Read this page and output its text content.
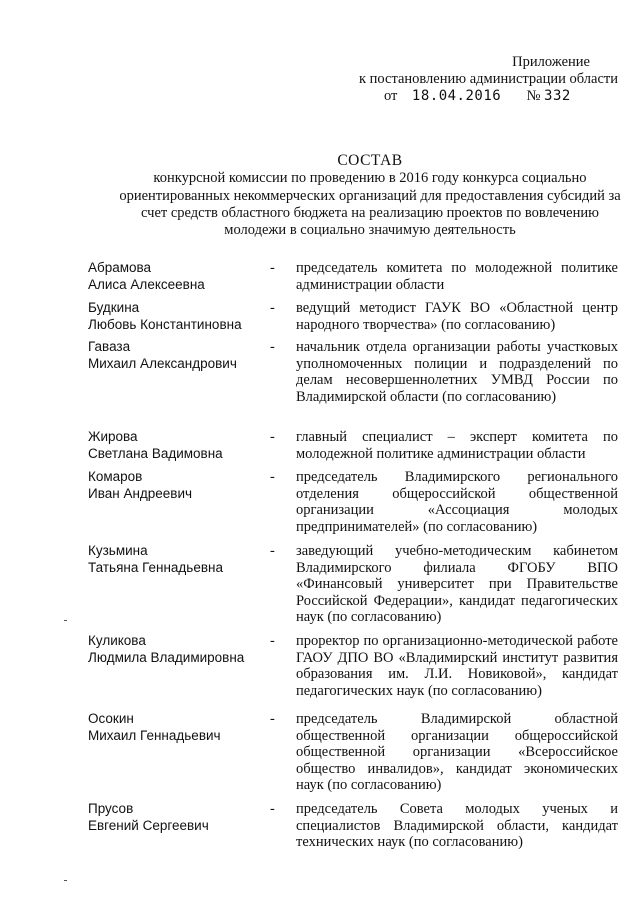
Приложение
к постановлению администрации области
от 18.04.2016 № 332
СОСТАВ
конкурсной комиссии по проведению в 2016 году конкурса социально ориентированных некоммерческих организаций для предоставления субсидий за счет средств областного бюджета на реализацию проектов по вовлечению молодежи в социально значимую деятельность
Абрамова
Алиса Алексеевна
-	председатель комитета по молодежной политике администрации области
Будкина
Любовь Константиновна
-	ведущий методист ГАУК ВО «Областной центр народного творчества» (по согласованию)
Гаваза
Михаил Александрович
-	начальник отдела организации работы участковых уполномоченных полиции и подразделений по делам несовершеннолетних УМВД России по Владимирской области (по согласованию)
Жирова
Светлана Вадимовна
-	главный специалист – эксперт комитета по молодежной политике администрации области
Комаров
Иван Андреевич
-	председатель Владимирского регионального отделения общероссийской общественной организации «Ассоциация молодых предпринимателей» (по согласованию)
Кузьмина
Татьяна Геннадьевна
-	заведующий учебно-методическим кабинетом Владимирского филиала ФГОБУ ВПО «Финансовый университет при Правительстве Российской Федерации», кандидат педагогических наук (по согласованию)
Куликова
Людмила Владимировна
-	проректор по организационно-методической работе ГАОУ ДПО ВО «Владимирский институт развития образования им. Л.И. Новиковой», кандидат педагогических наук (по согласованию)
Осокин
Михаил Геннадьевич
-	председатель Владимирской областной общественной организации общероссийской общественной организации «Всероссийское общество инвалидов», кандидат экономических наук (по согласованию)
Прусов
Евгений Сергеевич
-	председатель Совета молодых ученых и специалистов Владимирской области, кандидат технических наук (по согласованию)
